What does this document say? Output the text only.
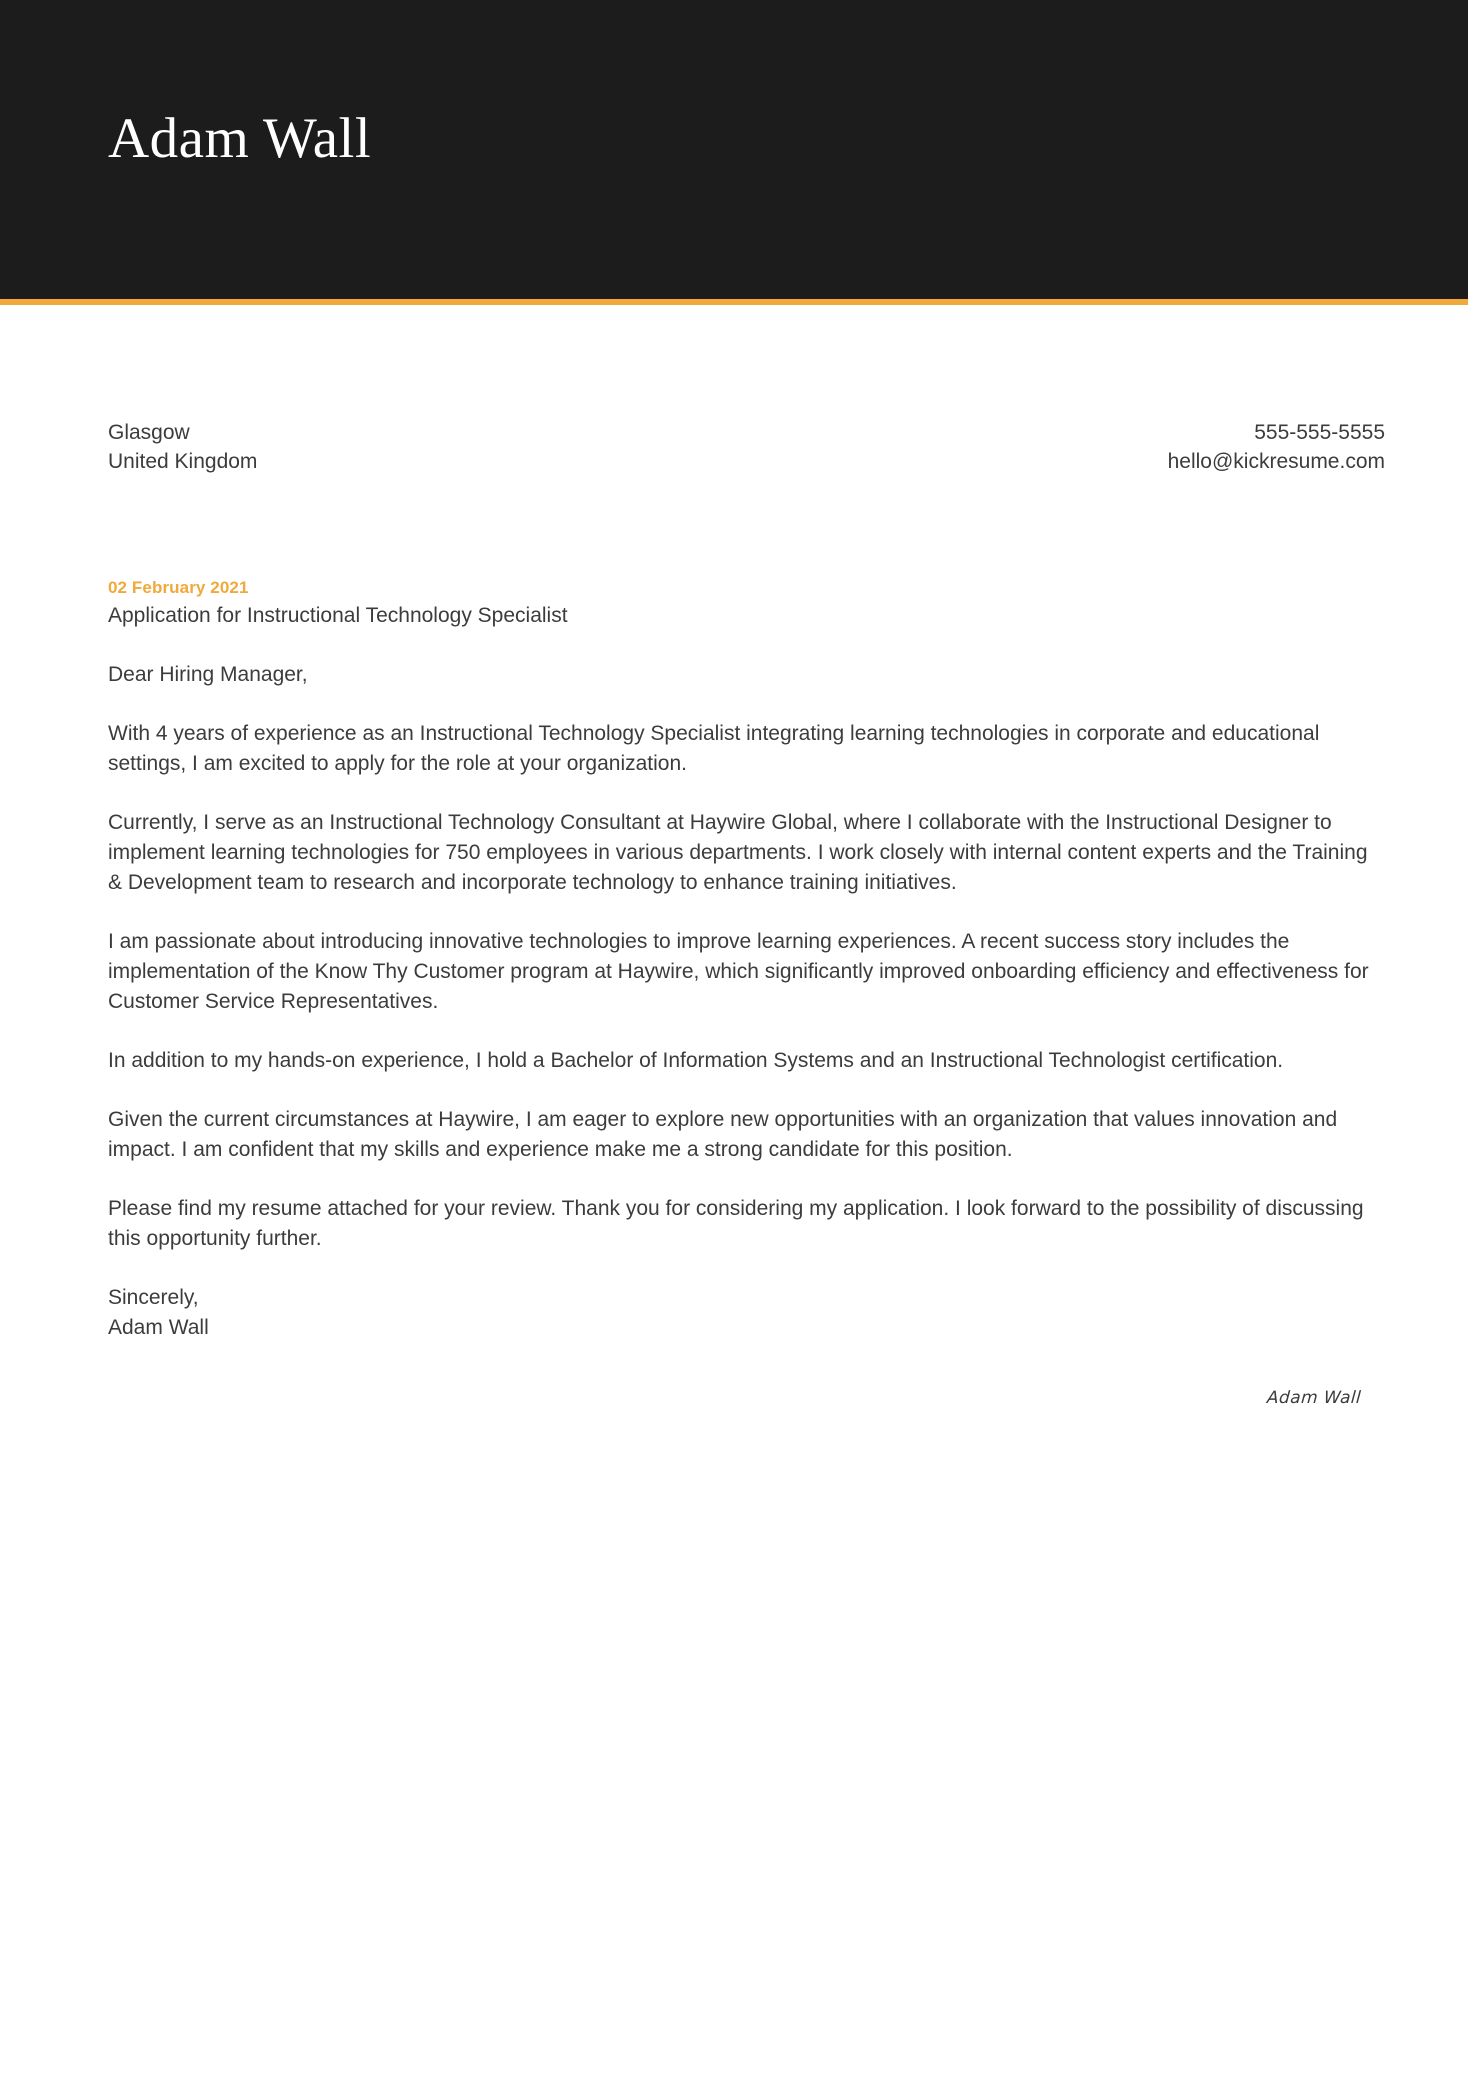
Adam Wall
Glasgow
United Kingdom
555-555-5555
hello@kickresume.com
02 February 2021
Application for Instructional Technology Specialist
Dear Hiring Manager,

With 4 years of experience as an Instructional Technology Specialist integrating learning technologies in corporate and educational settings, I am excited to apply for the role at your organization.

Currently, I serve as an Instructional Technology Consultant at Haywire Global, where I collaborate with the Instructional Designer to implement learning technologies for 750 employees in various departments. I work closely with internal content experts and the Training & Development team to research and incorporate technology to enhance training initiatives.

I am passionate about introducing innovative technologies to improve learning experiences. A recent success story includes the implementation of the Know Thy Customer program at Haywire, which significantly improved onboarding efficiency and effectiveness for Customer Service Representatives.

In addition to my hands-on experience, I hold a Bachelor of Information Systems and an Instructional Technologist certification.

Given the current circumstances at Haywire, I am eager to explore new opportunities with an organization that values innovation and impact. I am confident that my skills and experience make me a strong candidate for this position.

Please find my resume attached for your review. Thank you for considering my application. I look forward to the possibility of discussing this opportunity further.

Sincerely,
Adam Wall
Adam Wall
